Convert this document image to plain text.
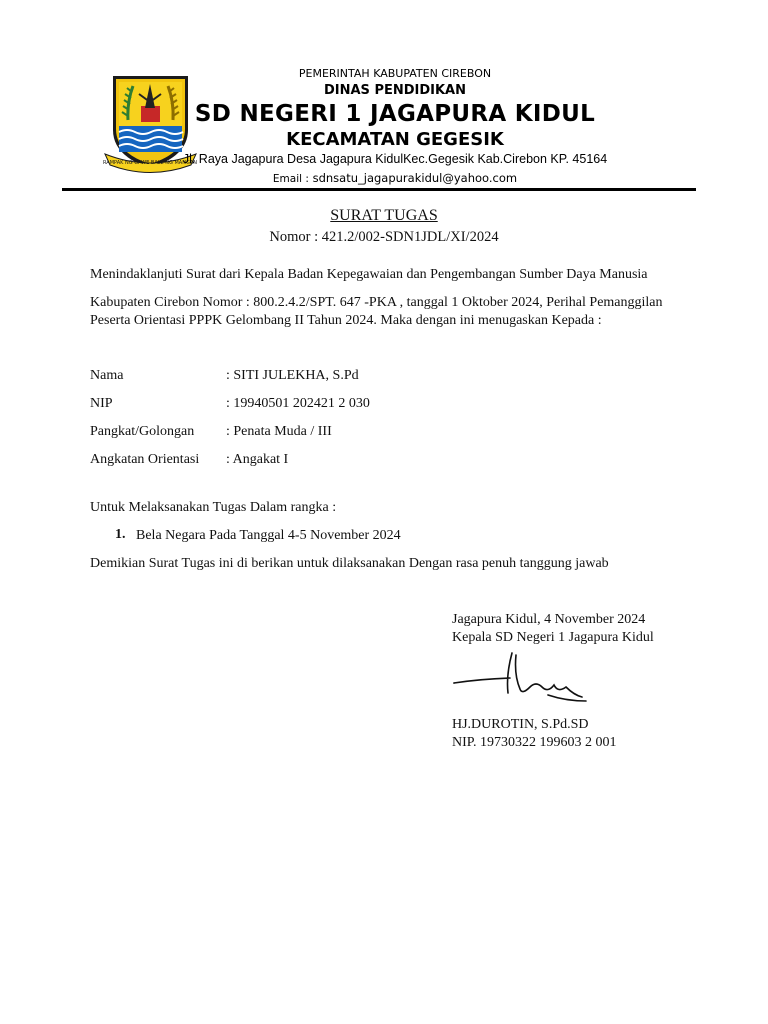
RAMPAK NG GAWE BALE NG MANGAN
PEMERINTAH KABUPATEN CIREBON
DINAS PENDIDIKAN
SD NEGERI 1 JAGAPURA KIDUL
KECAMATAN GEGESIK
Jl. Raya Jagapura Desa Jagapura KidulKec.Gegesik Kab.Cirebon KP. 45164
Email : sdnsatu_jagapurakidul@yahoo.com
SURAT TUGAS
Nomor : 421.2/002-SDN1JDL/XI/2024
Menindaklanjuti Surat dari Kepala Badan Kepegawaian dan Pengembangan Sumber Daya Manusia
Kabupaten Cirebon Nomor : 800.2.4.2/SPT. 647 -PKA , tanggal 1 Oktober 2024, Perihal Pemanggilan
Peserta Orientasi PPPK Gelombang II Tahun 2024. Maka dengan ini menugaskan Kepada :
Nama	: SITI JULEKHA, S.Pd
NIP	: 19940501 202421 2 030
Pangkat/Golongan : Penata Muda / III
Angkatan Orientasi : Angakat I
Untuk Melaksanakan Tugas Dalam rangka :
1. Bela Negara Pada Tanggal 4-5 November 2024
Demikian Surat Tugas ini di berikan untuk dilaksanakan Dengan rasa penuh tanggung jawab
Jagapura Kidul, 4 November 2024
Kepala SD Negeri 1 Jagapura Kidul
HJ.DUROTIN, S.Pd.SD
NIP. 19730322 199603 2 001
